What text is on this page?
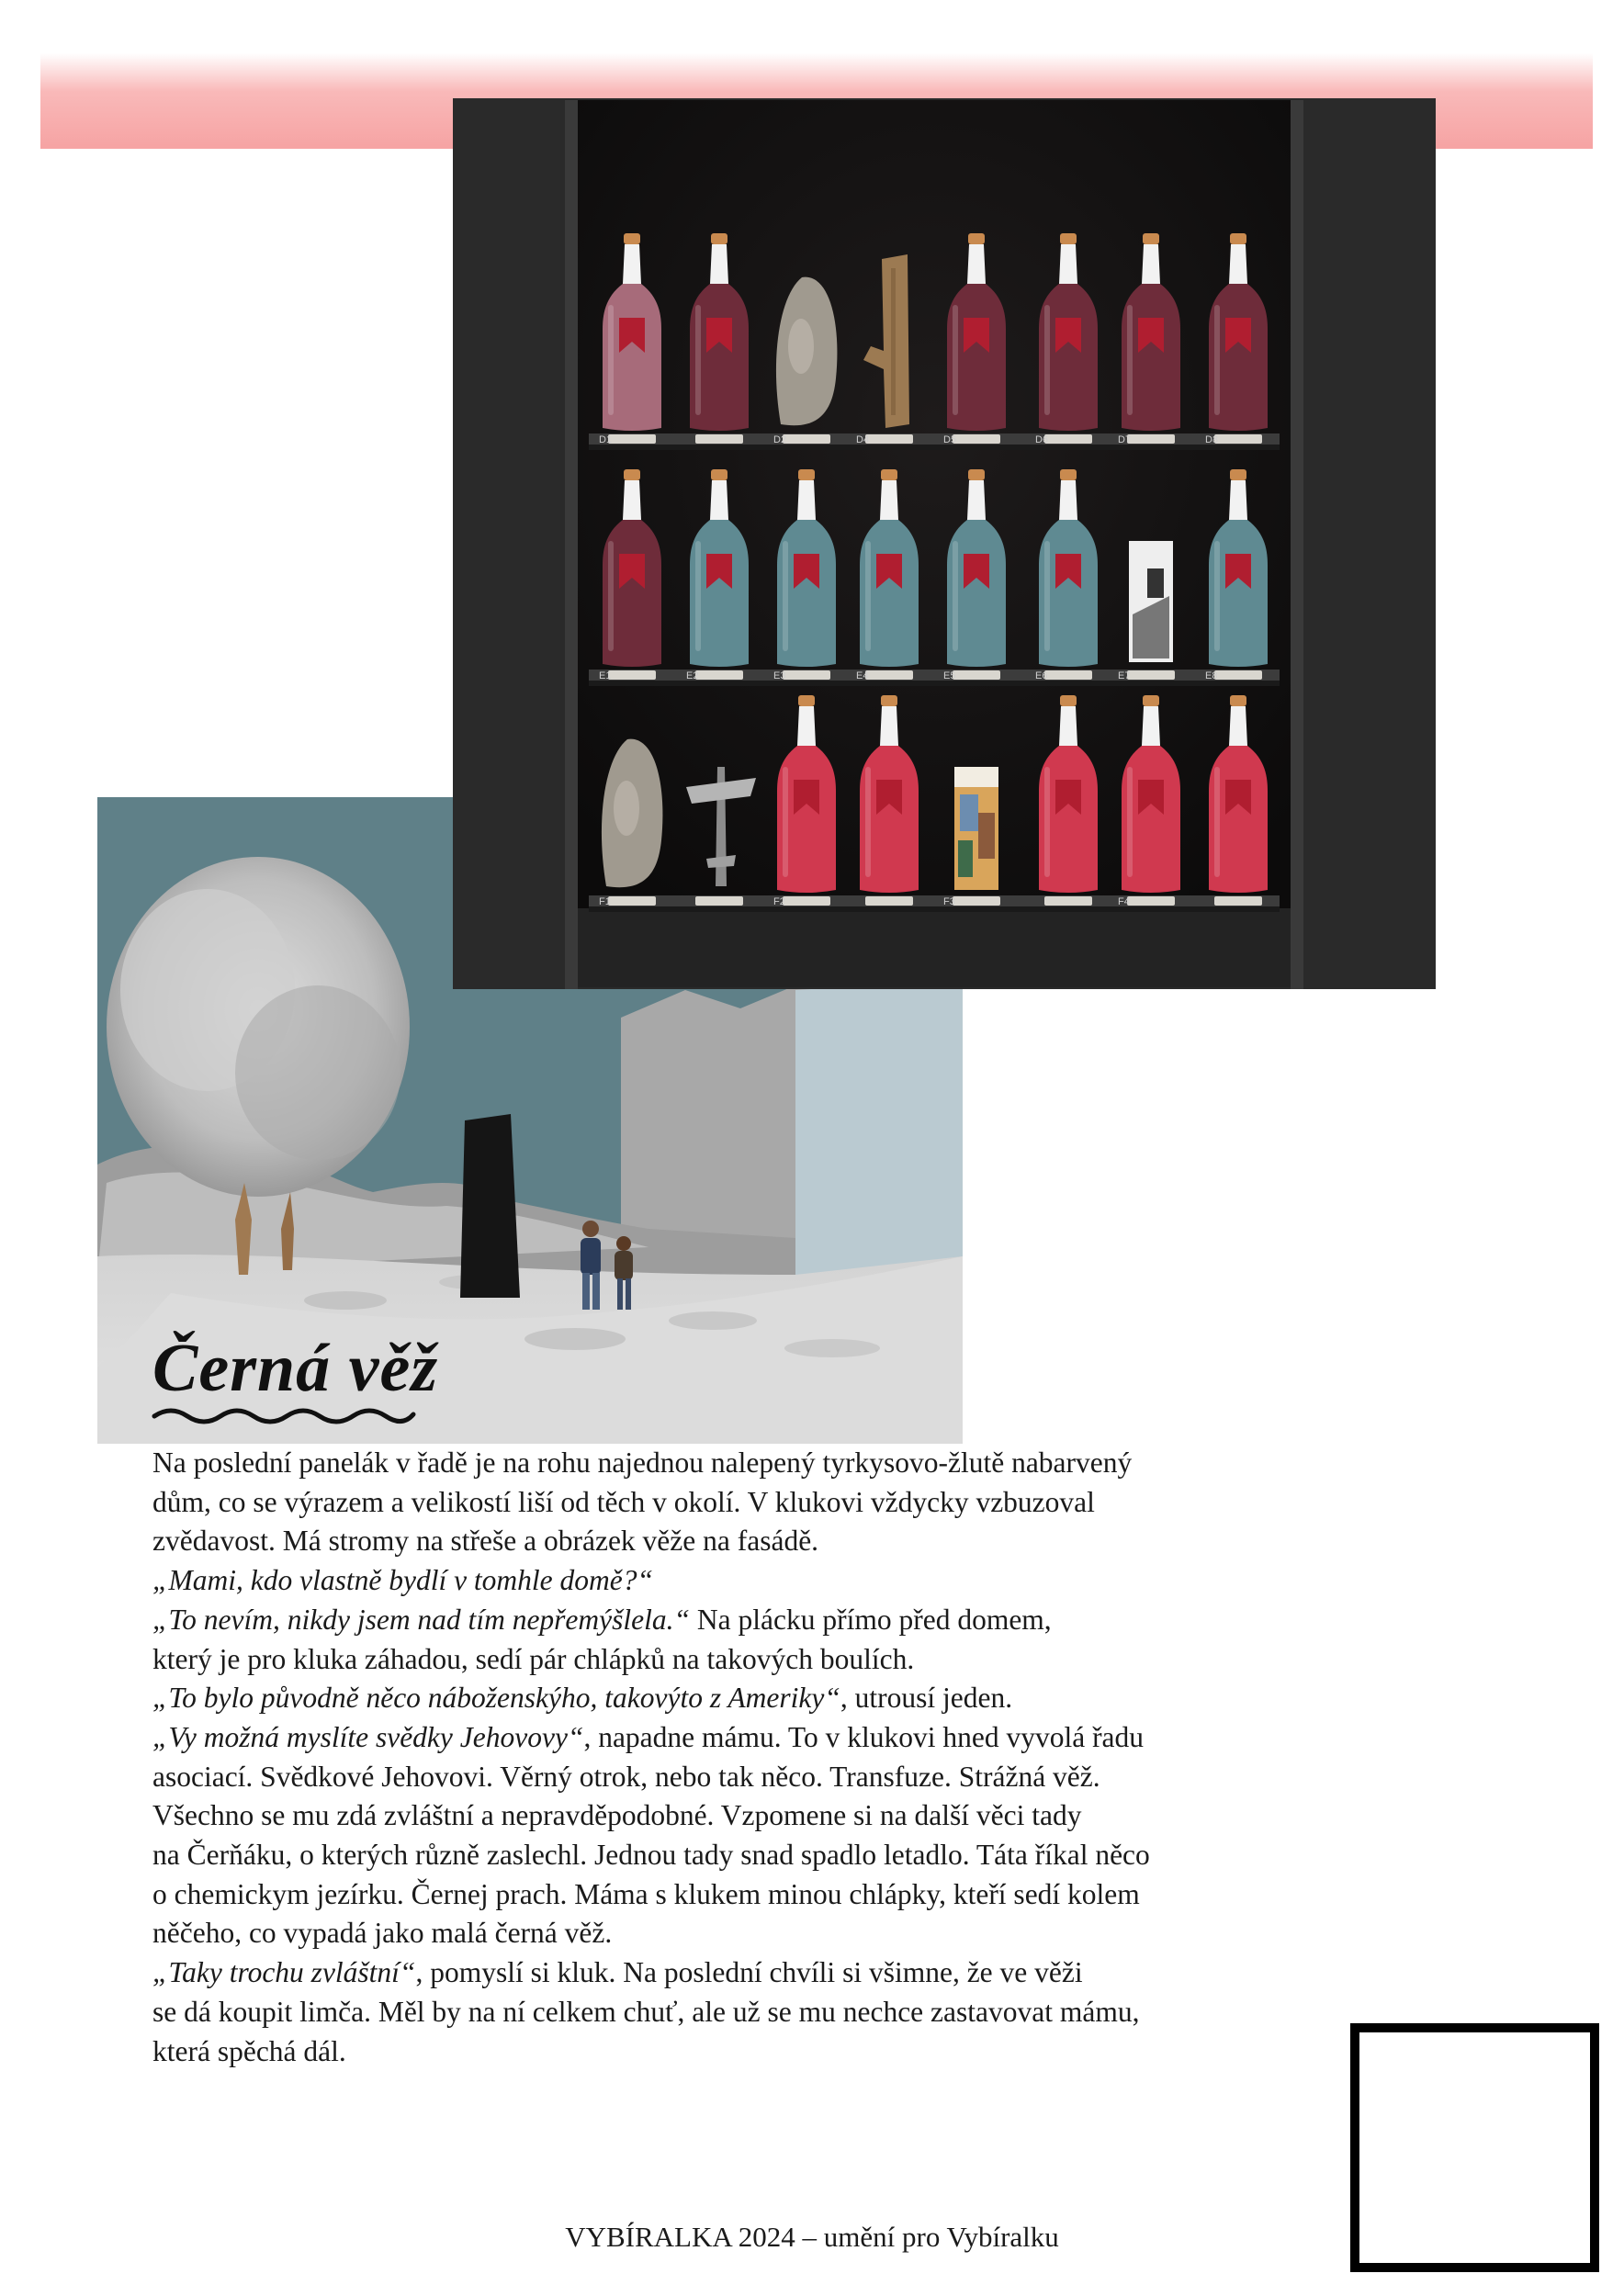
D1	D2	D4	D5	D6	D7	D8
E1	E2	E3	E4	E5	E6	E7	E8
F1	F2	F3	F4
Černá věž

Na poslední panelák v řadě je na rohu najednou nalepený tyrkysovo-žlutě nabarvený

dům, co se výrazem a velikostí liší od těch v okolí. V klukovi vždycky vzbuzoval

zvědavost. Má stromy na střeše a obrázek věže na fasádě.

„Mami, kdo vlastně bydlí v tomhle domě?“

„To nevím, nikdy jsem nad tím nepřemýšlela.“ Na plácku přímo před domem,

který je pro kluka záhadou, sedí pár chlápků na takových boulích.

„To bylo původně něco náboženskýho, takovýto z Ameriky“, utrousí jeden.

„Vy možná myslíte svědky Jehovovy“, napadne mámu. To v klukovi hned vyvolá řadu

asociací. Svědkové Jehovovi. Věrný otrok, nebo tak něco. Transfuze. Strážná věž.

Všechno se mu zdá zvláštní a nepravděpodobné. Vzpomene si na další věci tady

na Čerňáku, o kterých různě zaslechl. Jednou tady snad spadlo letadlo. Táta říkal něco

o chemickym jezírku. Černej prach. Máma s klukem minou chlápky, kteří sedí kolem

něčeho, co vypadá jako malá černá věž.

„Taky trochu zvláštní“, pomyslí si kluk. Na poslední chvíli si všimne, že ve věži

se dá koupit limča. Měl by na ní celkem chuť, ale už se mu nechce zastavovat mámu,

která spěchá dál.

VYBÍRALKA 2024 – umění pro Vybíralku
